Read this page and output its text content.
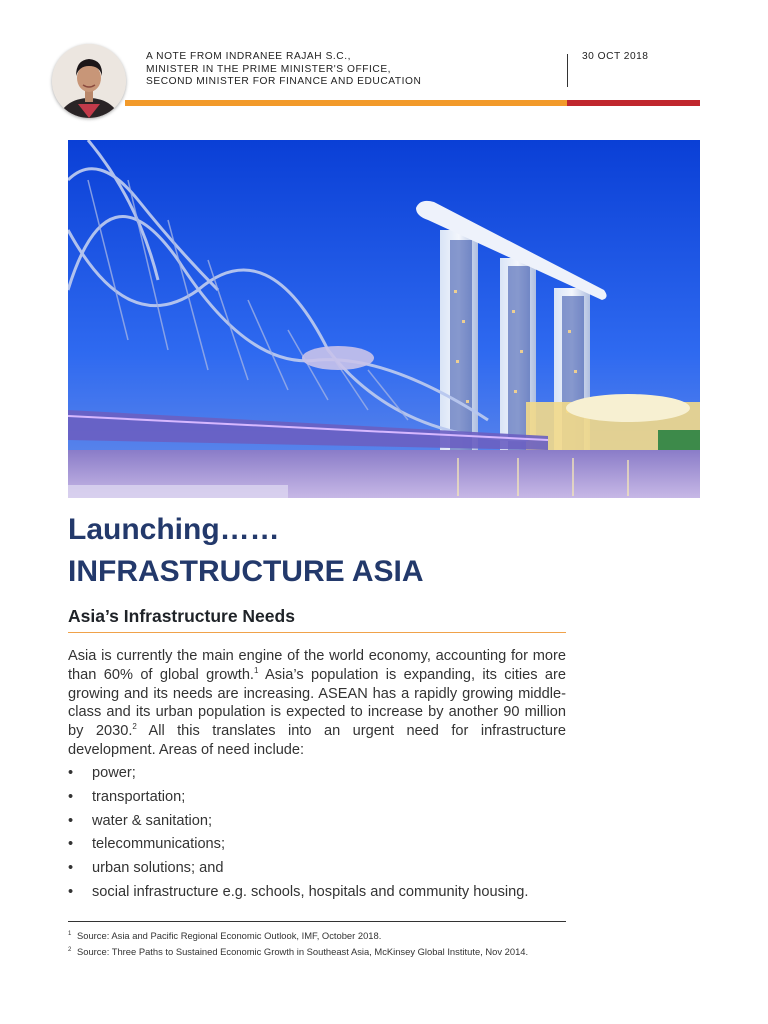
A NOTE FROM INDRANEE RAJAH S.C.,
MINISTER IN THE PRIME MINISTER'S OFFICE,
SECOND MINISTER FOR FINANCE AND EDUCATION
30 OCT 2018
Launching……
INFRASTRUCTURE ASIA
Asia’s Infrastructure Needs
Asia is currently the main engine of the world economy, accounting for more than 60% of global growth.$^1$ Asia’s population is expanding, its cities are growing and its needs are increasing. ASEAN has a rapidly growing middle-class and its urban population is expected to increase by another 90 million by 2030.$^2$ All this translates into an urgent need for infrastructure development. Areas of need include:
• power;
• transportation;
• water & sanitation;
• telecommunications;
• urban solutions; and
• social infrastructure e.g. schools, hospitals and community housing.
1 Source: Asia and Pacific Regional Economic Outlook, IMF, October 2018.
2 Source: Three Paths to Sustained Economic Growth in Southeast Asia, McKinsey Global Institute, Nov 2014.
